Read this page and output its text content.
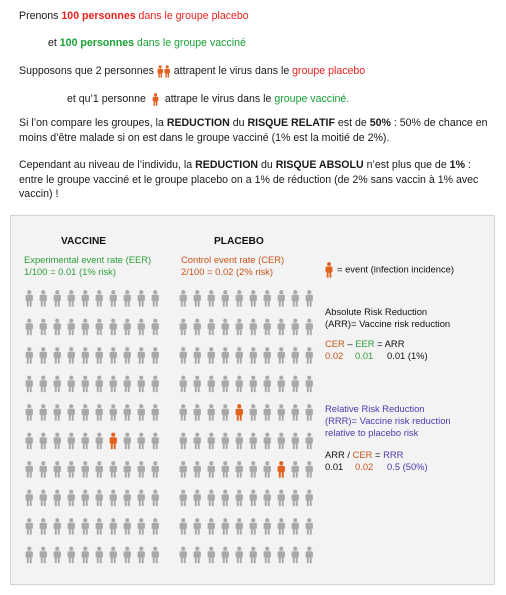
Prenons 100 personnes dans le groupe placebo
et 100 personnes dans le groupe vacciné
Supposons que 2 personnes
attrapent le virus dans le groupe placebo
et qu’1 personne
attrape le virus dans le groupe vacciné.
Si l’on compare les groupes, la REDUCTION du RISQUE RELATIF est de 50% : 50% de chance en moins d’être malade si on est dans le groupe vacciné (1% est la moitié de 2%).
Cependant au niveau de l’individu, la REDUCTION du RISQUE ABSOLU n’est plus que de 1% : entre le groupe vacciné et le groupe placebo on a 1% de réduction (de 2% sans vaccin à 1% avec vaccin) !
VACCINE	PLACEBO
Experimental event rate (EER)
1/100 = 0.01 (1% risk)
Control event rate (CER)
2/100 = 0.02 (2% risk)	= event (infection incidence)
Absolute Risk Reduction
(ARR)= Vaccine risk reduction
CER – EER = ARR
0.02 0.01 0.01 (1%)
Relative Risk Reduction
(RRR)= Vaccine risk reduction
relative to placebo risk
ARR / CER = RRR
0.01 0.02 0.5 (50%)
